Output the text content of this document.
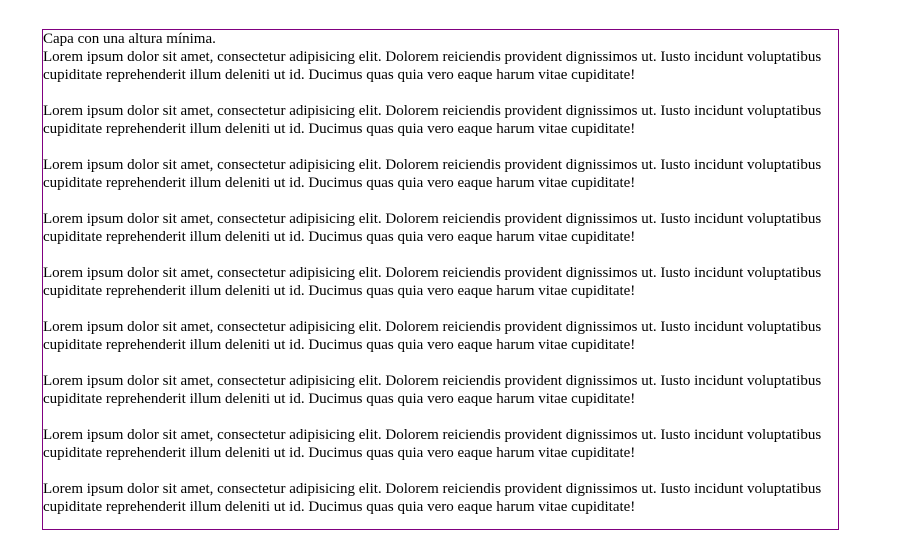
Capa con una altura mínima.

Lorem ipsum dolor sit amet, consectetur adipisicing elit. Dolorem reiciendis provident dignissimos ut. Iusto incidunt voluptatibus cupiditate reprehenderit illum deleniti ut id. Ducimus quas quia vero eaque harum vitae cupiditate!

Lorem ipsum dolor sit amet, consectetur adipisicing elit. Dolorem reiciendis provident dignissimos ut. Iusto incidunt voluptatibus cupiditate reprehenderit illum deleniti ut id. Ducimus quas quia vero eaque harum vitae cupiditate!

Lorem ipsum dolor sit amet, consectetur adipisicing elit. Dolorem reiciendis provident dignissimos ut. Iusto incidunt voluptatibus cupiditate reprehenderit illum deleniti ut id. Ducimus quas quia vero eaque harum vitae cupiditate!

Lorem ipsum dolor sit amet, consectetur adipisicing elit. Dolorem reiciendis provident dignissimos ut. Iusto incidunt voluptatibus cupiditate reprehenderit illum deleniti ut id. Ducimus quas quia vero eaque harum vitae cupiditate!

Lorem ipsum dolor sit amet, consectetur adipisicing elit. Dolorem reiciendis provident dignissimos ut. Iusto incidunt voluptatibus cupiditate reprehenderit illum deleniti ut id. Ducimus quas quia vero eaque harum vitae cupiditate!

Lorem ipsum dolor sit amet, consectetur adipisicing elit. Dolorem reiciendis provident dignissimos ut. Iusto incidunt voluptatibus cupiditate reprehenderit illum deleniti ut id. Ducimus quas quia vero eaque harum vitae cupiditate!

Lorem ipsum dolor sit amet, consectetur adipisicing elit. Dolorem reiciendis provident dignissimos ut. Iusto incidunt voluptatibus cupiditate reprehenderit illum deleniti ut id. Ducimus quas quia vero eaque harum vitae cupiditate!

Lorem ipsum dolor sit amet, consectetur adipisicing elit. Dolorem reiciendis provident dignissimos ut. Iusto incidunt voluptatibus cupiditate reprehenderit illum deleniti ut id. Ducimus quas quia vero eaque harum vitae cupiditate!

Lorem ipsum dolor sit amet, consectetur adipisicing elit. Dolorem reiciendis provident dignissimos ut. Iusto incidunt voluptatibus cupiditate reprehenderit illum deleniti ut id. Ducimus quas quia vero eaque harum vitae cupiditate!
